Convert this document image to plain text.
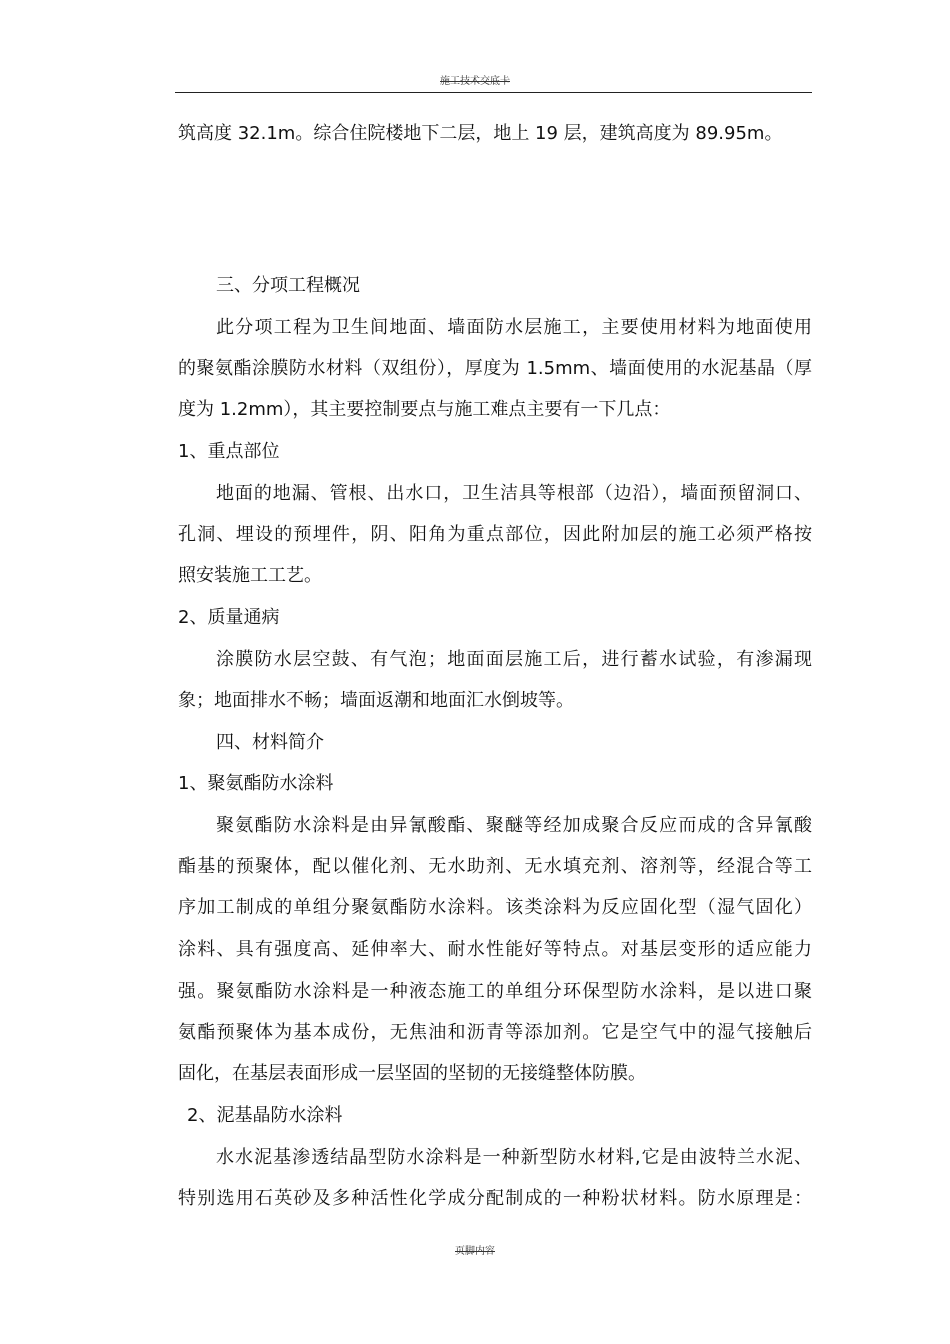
施工技术交底卡
筑高度 32.1m。综合住院楼地下二层，地上 19 层，建筑高度为 89.95m。
三、分项工程概况
此分项工程为卫生间地面、墙面防水层施工，主要使用材料为地面使用
的聚氨酯涂膜防水材料（双组份），厚度为 1.5mm、墙面使用的水泥基晶（厚
度为 1.2mm），其主要控制要点与施工难点主要有一下几点：
1、重点部位
地面的地漏、管根、出水口，卫生洁具等根部（边沿），墙面预留洞口、
孔洞、埋设的预埋件，阴、阳角为重点部位，因此附加层的施工必须严格按
照安装施工工艺。
2、质量通病
涂膜防水层空鼓、有气泡；地面面层施工后，进行蓄水试验，有渗漏现
象；地面排水不畅；墙面返潮和地面汇水倒坡等。
四、材料简介
1、聚氨酯防水涂料
聚氨酯防水涂料是由异氰酸酯、聚醚等经加成聚合反应而成的含异氰酸
酯基的预聚体，配以催化剂、无水助剂、无水填充剂、溶剂等，经混合等工
序加工制成的单组分聚氨酯防水涂料。该类涂料为反应固化型（湿气固化）
涂料、具有强度高、延伸率大、耐水性能好等特点。对基层变形的适应能力
强。聚氨酯防水涂料是一种液态施工的单组分环保型防水涂料，是以进口聚
氨酯预聚体为基本成份，无焦油和沥青等添加剂。它是空气中的湿气接触后
固化，在基层表面形成一层坚固的坚韧的无接缝整体防膜。
2、泥基晶防水涂料
水水泥基渗透结晶型防水涂料是一种新型防水材料,它是由波特兰水泥、
特别选用石英砂及多种活性化学成分配制成的一种粉状材料。防水原理是：
页脚内容
